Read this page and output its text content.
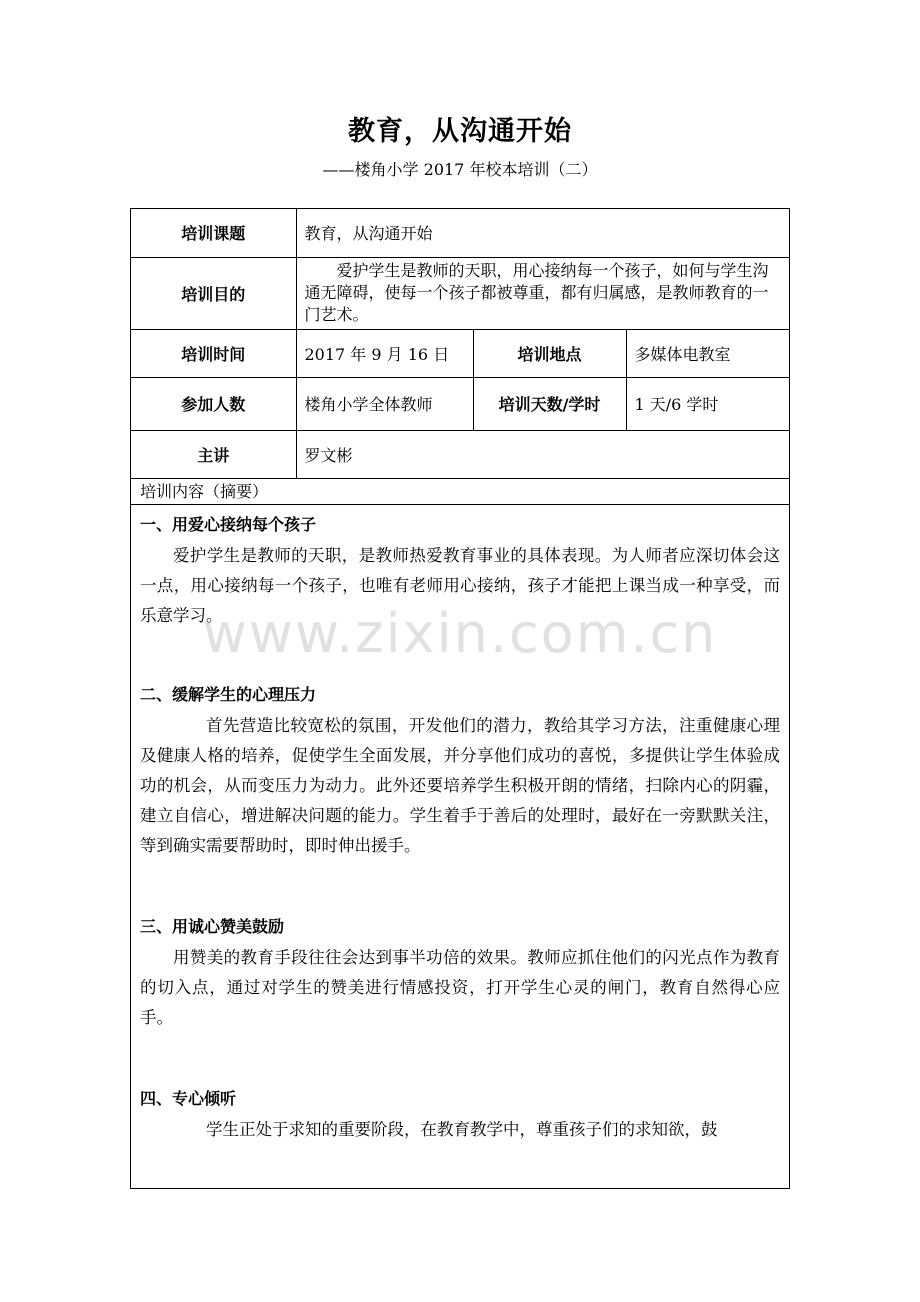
教育，从沟通开始
——楼角小学 2017 年校本培训（二）
培训课题	教育，从沟通开始		
培训目的	爱护学生是教师的天职，用心接纳每一个孩子，如何与学生沟通无障碍，使每一个孩子都被尊重，都有归属感，是教师教育的一门艺术。		
培训时间	2017 年 9 月 16 日	培训地点	多媒体电教室
参加人数	楼角小学全体教师	培训天数/学时	1 天/6 学时
主讲	罗文彬		
培训内容（摘要）

一、用爱心接纳每个孩子

爱护学生是教师的天职，是教师热爱教育事业的具体表现。为人师者应深切体会这一点，用心接纳每一个孩子，也唯有老师用心接纳，孩子才能把上课当成一种享受，而乐意学习。

二、缓解学生的心理压力

首先营造比较宽松的氛围，开发他们的潜力，教给其学习方法，注重健康心理及健康人格的培养，促使学生全面发展，并分享他们成功的喜悦，多提供让学生体验成功的机会，从而变压力为动力。此外还要培养学生积极开朗的情绪，扫除内心的阴霾，建立自信心，增进解决问题的能力。学生着手于善后的处理时，最好在一旁默默关注，等到确实需要帮助时，即时伸出援手。

三、用诚心赞美鼓励

用赞美的教育手段往往会达到事半功倍的效果。教师应抓住他们的闪光点作为教育的切入点，通过对学生的赞美进行情感投资，打开学生心灵的闸门，教育自然得心应手。

四、专心倾听

学生正处于求知的重要阶段，在教育教学中，尊重孩子们的求知欲，鼓

www.zixin.com.cn
